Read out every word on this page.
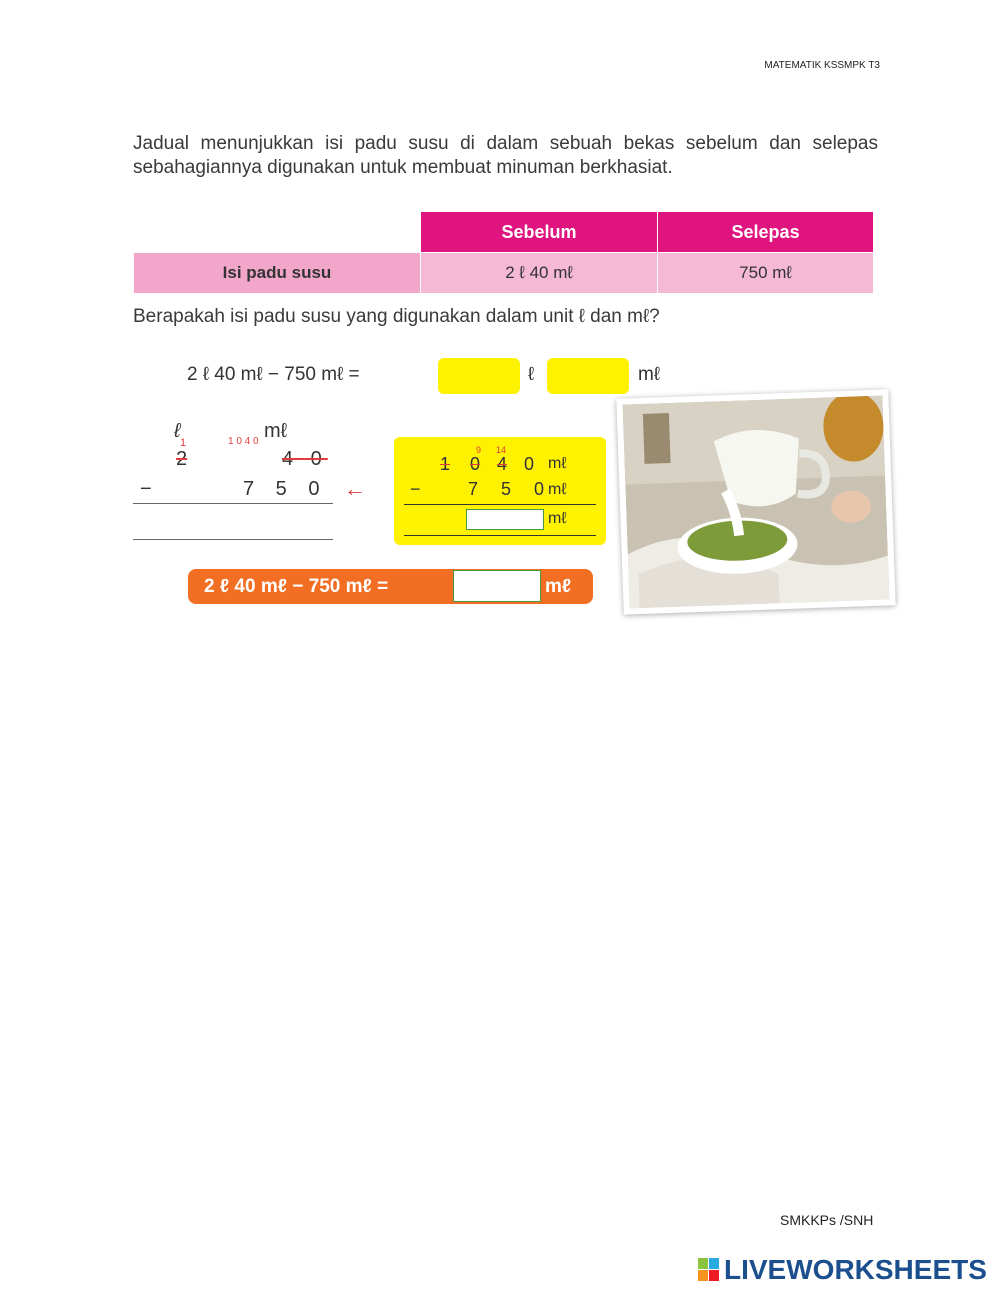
MATEMATIK KSSMPK T3
Jadual menunjukkan isi padu susu di dalam sebuah bekas sebelum dan selepas sebahagiannya digunakan untuk membuat minuman berkhasiat.
	Sebelum	Selepas
Isi padu susu	2 ℓ 40 mℓ	750 mℓ
Berapakah isi padu susu yang digunakan dalam unit ℓ dan mℓ?
2 ℓ 40 mℓ − 750 mℓ =	ℓ	mℓ
ℓ	mℓ
1 0 4 0
1
2	4 0
−	7 5 0 ←
9 14
1 0 4 0 mℓ
−	7 5 0
mℓ
mℓ
2 ℓ 40 mℓ − 750 mℓ =	mℓ
SMKKPs /SNH
LIVEWORKSHEETS
